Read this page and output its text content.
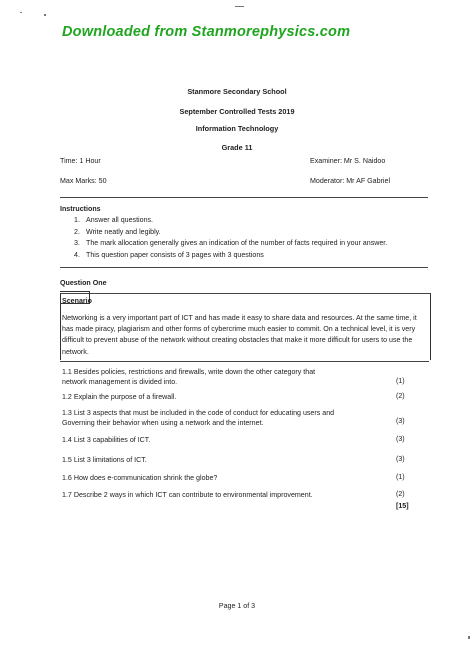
Downloaded from Stanmorephysics.com
Stanmore Secondary School
September Controlled Tests 2019
Information Technology
Grade 11
Time: 1 Hour
Max Marks: 50
Examiner: Mr S. Naidoo
Moderator: Mr AF Gabriel
Instructions
1. Answer all questions.
2. Write neatly and legibly.
3. The mark allocation generally gives an indication of the number of facts required in your answer.
4. This question paper consists of 3 pages with 3 questions
Question One
Scenario
Networking is a very important part of ICT and has made it easy to share data and resources. At the same time, it has made piracy, plagiarism and other forms of cybercrime much easier to commit. On a technical level, it is very difficult to prevent abuse of the network without creating obstacles that make it more difficult for users to use the network.
1.1 Besides policies, restrictions and firewalls, write down the other category that network management is divided into.	(1)
1.2 Explain the purpose of a firewall.	(2)
1.3 List 3 aspects that must be included in the code of conduct for educating users and Governing their behavior when using a network and the internet.	(3)
1.4 List 3 capabilities of ICT.	(3)
1.5 List 3 limitations of ICT.	(3)
1.6 How does e-communication shrink the globe?	(1)
1.7 Describe 2 ways in which ICT can contribute to environmental improvement.	(2)
[15]
Page 1 of 3
